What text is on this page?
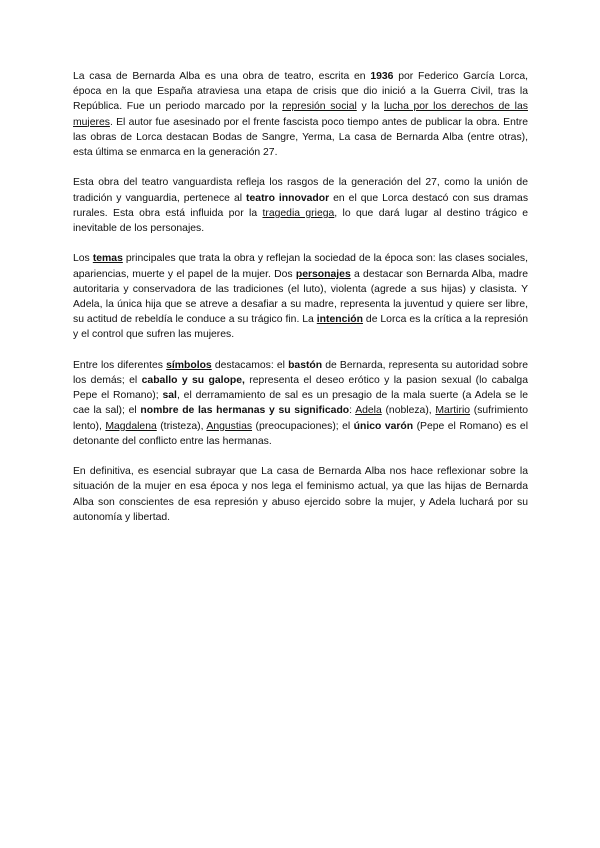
La casa de Bernarda Alba es una obra de teatro, escrita en 1936 por Federico García Lorca, época en la que España atraviesa una etapa de crisis que dio inició a la Guerra Civil, tras la República. Fue un periodo marcado por la represión social y la lucha por los derechos de las mujeres. El autor fue asesinado por el frente fascista poco tiempo antes de publicar la obra. Entre las obras de Lorca destacan Bodas de Sangre, Yerma, La casa de Bernarda Alba (entre otras), esta última se enmarca en la generación 27.

Esta obra del teatro vanguardista refleja los rasgos de la generación del 27, como la unión de tradición y vanguardia, pertenece al teatro innovador en el que Lorca destacó con sus dramas rurales. Esta obra está influida por la tragedia griega, lo que dará lugar al destino trágico e inevitable de los personajes.

Los temas principales que trata la obra y reflejan la sociedad de la época son: las clases sociales, apariencias, muerte y el papel de la mujer. Dos personajes a destacar son Bernarda Alba, madre autoritaria y conservadora de las tradiciones (el luto), violenta (agrede a sus hijas) y clasista. Y Adela, la única hija que se atreve a desafiar a su madre, representa la juventud y quiere ser libre, su actitud de rebeldía le conduce a su trágico fin. La intención de Lorca es la crítica a la represión y el control que sufren las mujeres.

Entre los diferentes símbolos destacamos: el bastón de Bernarda, representa su autoridad sobre los demás; el caballo y su galope, representa el deseo erótico y la pasion sexual (lo cabalga Pepe el Romano); sal, el derramamiento de sal es un presagio de la mala suerte (a Adela se le cae la sal); el nombre de las hermanas y su significado: Adela (nobleza), Martirio (sufrimiento lento), Magdalena (tristeza), Angustias (preocupaciones); el único varón (Pepe el Romano) es el detonante del conflicto entre las hermanas.

En definitiva, es esencial subrayar que La casa de Bernarda Alba nos hace reflexionar sobre la situación de la mujer en esa época y nos lega el feminismo actual, ya que las hijas de Bernarda Alba son conscientes de esa represión y abuso ejercido sobre la mujer, y Adela luchará por su autonomía y libertad.
